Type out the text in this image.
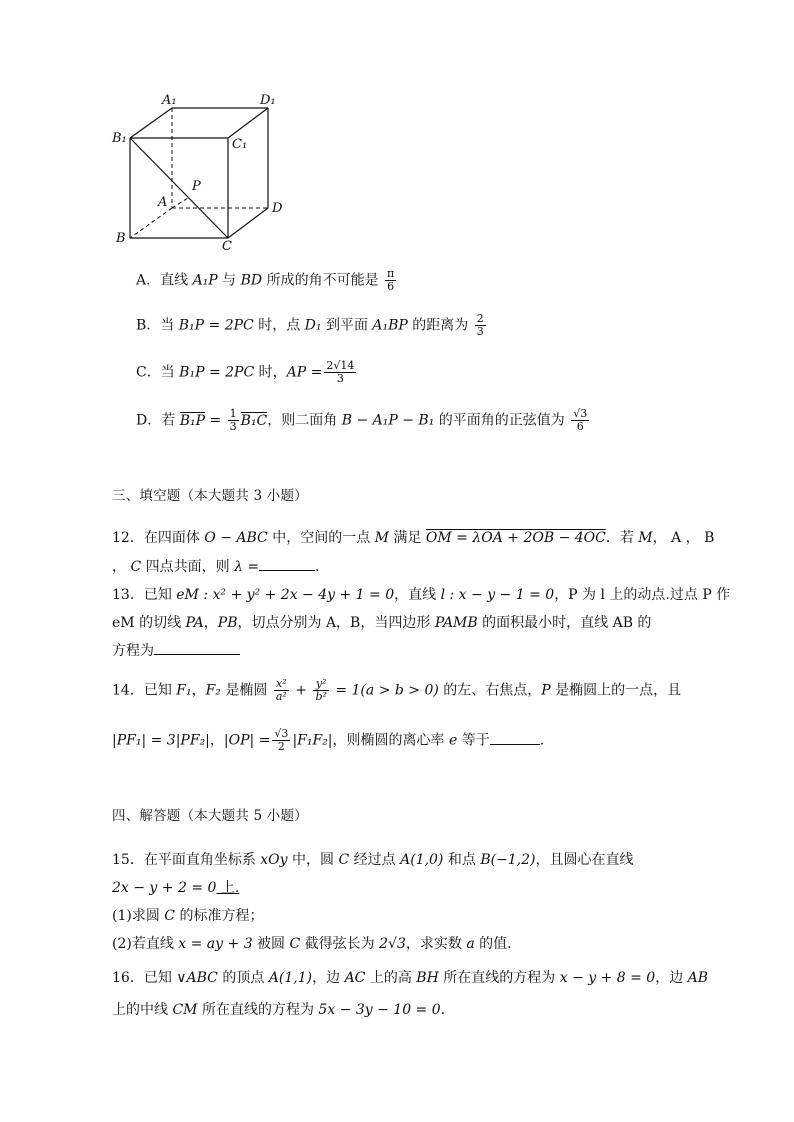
A₁	D₁
B₁	C₁
P
A	D
B
C
A．直线 A₁P 与 BD 所成的角不可能是 $\frac{\pi}{6}$
B．当 B₁P = 2PC 时，点 D₁ 到平面 A₁BP 的距离为 $\frac{2}{3}$
C．当 B₁P = 2PC 时，AP = $\frac{2√14}{3}$
D．若 $B_1P = \frac{1}{3} B_1C$，则二面角 B − A₁P − B₁ 的平面角的正弦值为 $\frac{√3}{6}$
三、填空题（本大题共 3 小题）
12．在四面体 O − ABC 中，空间的一点 M 满足 OM = λOA + 2OB − 4OC．若 M， A ， B
， C 四点共面，则 λ =	．
13．已知 eM : x² + y² + 2x − 4y + 1 = 0，直线 l : x − y − 1 = 0，P 为 l 上的动点.过点 P 作
eM 的切线 PA，PB，切点分别为 A，B，当四边形 PAMB 的面积最小时，直线 AB 的
方程为
14．已知 F₁，F₂ 是椭圆 $\frac{\text{x²}}{\text{a²}} + \frac{\text{y²}}{\text{b²}} = 1(a > b > 0)$ 的左、右焦点，P 是椭圆上的一点，且
|PF₁| = 3|PF₂|，$|OP| = \frac{√3}{2} |F_1F_2|$，则椭圆的离心率 e 等于	.
四、解答题（本大题共 5 小题）
15．在平面直角坐标系 xOy 中，圆 C 经过点 A(1,0) 和点 B(−1,2)，且圆心在直线
2x − y + 2 = 0 上.
(1)求圆 C 的标准方程；
(2)若直线 x = ay + 3 被圆 C 截得弦长为 2√3，求实数 a 的值.
16．已知 ∨ABC 的顶点 A(1,1)，边 AC 上的高 BH 所在直线的方程为 x − y + 8 = 0，边 AB
上的中线 CM 所在直线的方程为 5x − 3y − 10 = 0．
